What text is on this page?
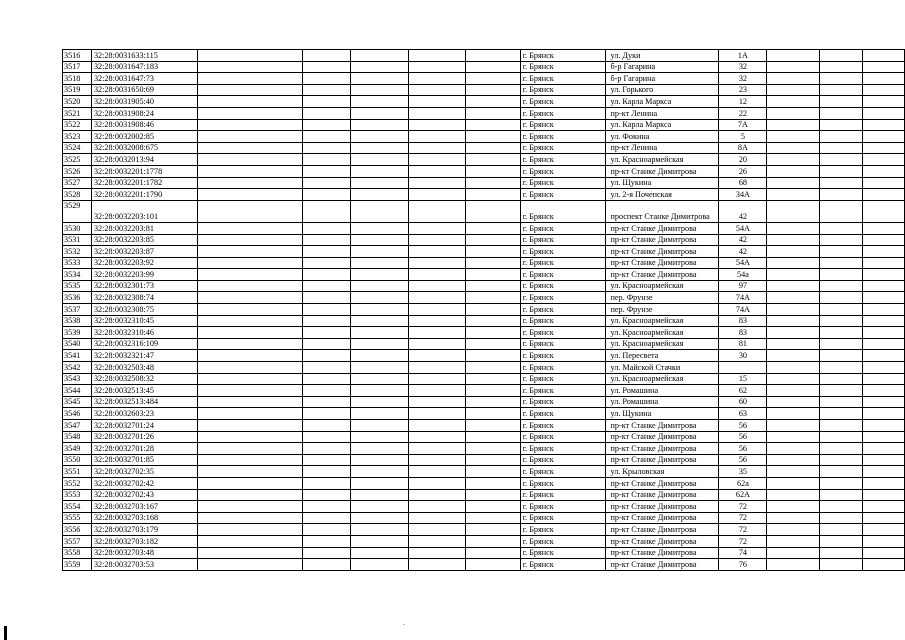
3516	32:28:0031633:115						г. Брянск	ул. Дуки	1А			
3517	32:28:0031647:183						г. Брянск	б-р Гагарина	32			
3518	32:28:0031647:73						г. Брянск	б-р Гагарина	32			
3519	32:28:0031650:69						г. Брянск	ул. Горького	23			
3520	32:28:0031905:40						г. Брянск	ул. Карла Маркса	12			
3521	32:28:0031908:24						г. Брянск	пр-кт Ленина	22			
3522	32:28:0031908:46						г. Брянск	ул. Карла Маркса	7А			
3523	32:28:0032002:85						г. Брянск	ул. Фокина	5			
3524	32:28:0032008:675						г. Брянск	пр-кт Ленина	8А			
3525	32:28:0032013:94						г. Брянск	ул. Красноармейская	20			
3526	32:28:0032201:1778						г. Брянск	пр-кт Станке Димитрова	26			
3527	32:28:0032201:1782						г. Брянск	ул. Щукина	68			
3528	32:28:0032201:1790						г. Брянск	ул. 2-я Почепская	34А			
3529	32:28:0032203:101						г. Брянск	проспект Станке Димитрова	42			
3530	32:28:0032203:81						г. Брянск	пр-кт Станке Димитрова	54А			
3531	32:28:0032203:85						г. Брянск	пр-кт Станке Димитрова	42			
3532	32:28:0032203:87						г. Брянск	пр-кт Станке Димитрова	42			
3533	32:28:0032203:92						г. Брянск	пр-кт Станке Димитрова	54А			
3534	32:28:0032203:99						г. Брянск	пр-кт Станке Димитрова	54а			
3535	32:28:0032301:73						г. Брянск	ул. Красноармейская	97			
3536	32:28:0032308:74						г. Брянск	пер. Фрунзе	74А			
3537	32:28:0032308:75						г. Брянск	пер. Фрунзе	74А			
3538	32:28:0032310:45						г. Брянск	ул. Красноармейская	83			
3539	32:28:0032310:46						г. Брянск	ул. Красноармейская	83			
3540	32:28:0032316:109						г. Брянск	ул. Красноармейская	81			
3541	32:28:0032321:47						г. Брянск	ул. Пересвета	30			
3542	32:28:0032503:48						г. Брянск	ул. Майской Стачки				
3543	32:28:0032508:32						г. Брянск	ул. Красноармейская	15			
3544	32:28:0032513:45						г. Брянск	ул. Ромашина	62			
3545	32:28:0032513:484						г. Брянск	ул. Ромашина	60			
3546	32:28:0032603:23						г. Брянск	ул. Щукина	63			
3547	32:28:0032701:24						г. Брянск	пр-кт Станке Димитрова	56			
3548	32:28:0032701:26						г. Брянск	пр-кт Станке Димитрова	56			
3549	32:28:0032701:28						г. Брянск	пр-кт Станке Димитрова	56			
3550	32:28:0032701:85						г. Брянск	пр-кт Станке Димитрова	56			
3551	32:28:0032702:35						г. Брянск	ул. Крыловская	35			
3552	32:28:0032702:42						г. Брянск	пр-кт Станке Димитрова	62а			
3553	32:28:0032702:43						г. Брянск	пр-кт Станке Димитрова	62А			
3554	32:28:0032703:167						г. Брянск	пр-кт Станке Димитрова	72			
3555	32:28:0032703:168						г. Брянск	пр-кт Станке Димитрова	72			
3556	32:28:0032703:179						г. Брянск	пр-кт Станке Димитрова	72			
3557	32:28:0032703:182						г. Брянск	пр-кт Станке Димитрова	72			
3558	32:28:0032703:48						г. Брянск	пр-кт Станке Димитрова	74			
3559	32:28:0032703:53						г. Брянск	пр-кт Станке Димитрова	76			
